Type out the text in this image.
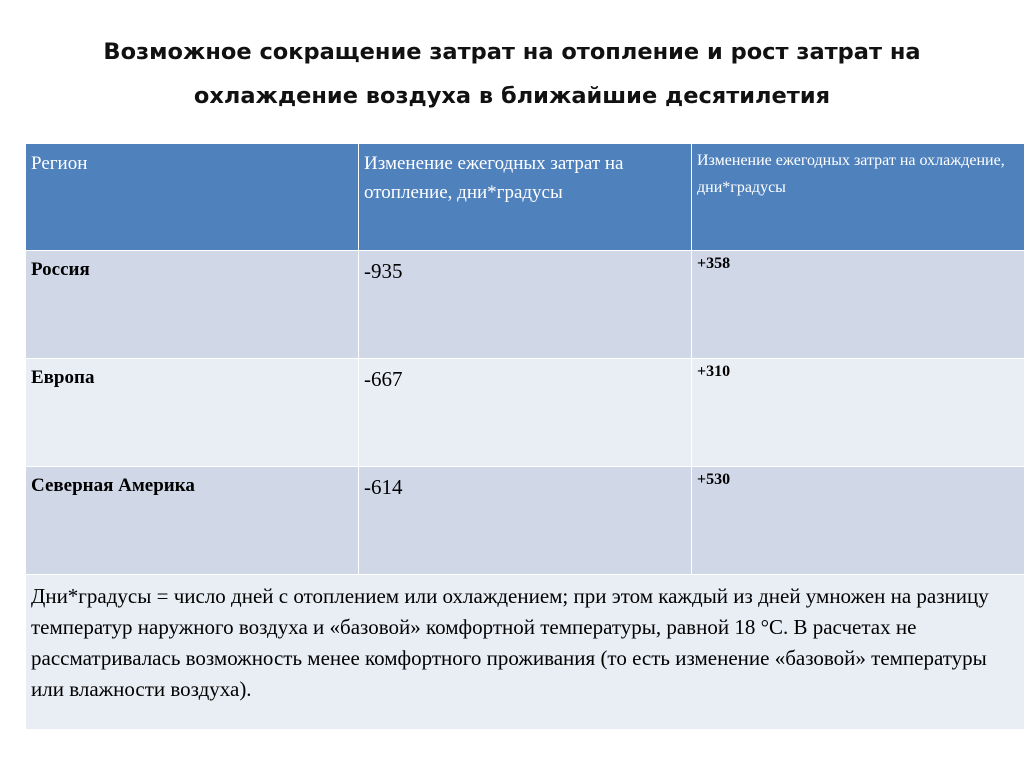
Возможное сокращение затрат на отопление и рост затрат на охлаждение воздуха в ближайшие десятилетия
Регион	Изменение ежегодных затрат на отопление, дни*градусы	Изменение ежегодных затрат на охлаждение, дни*градусы
Россия	-935	+358
Европа	-667	+310
Северная Америка	-614	+530
Дни*градусы = число дней с отоплением или охлаждением; при этом каждый из дней умножен на разницу температур наружного воздуха и «базовой» комфортной температуры, равной 18 °С. В расчетах не рассматривалась возможность менее комфортного проживания (то есть изменение «базовой» температуры или влажности воздуха).		
